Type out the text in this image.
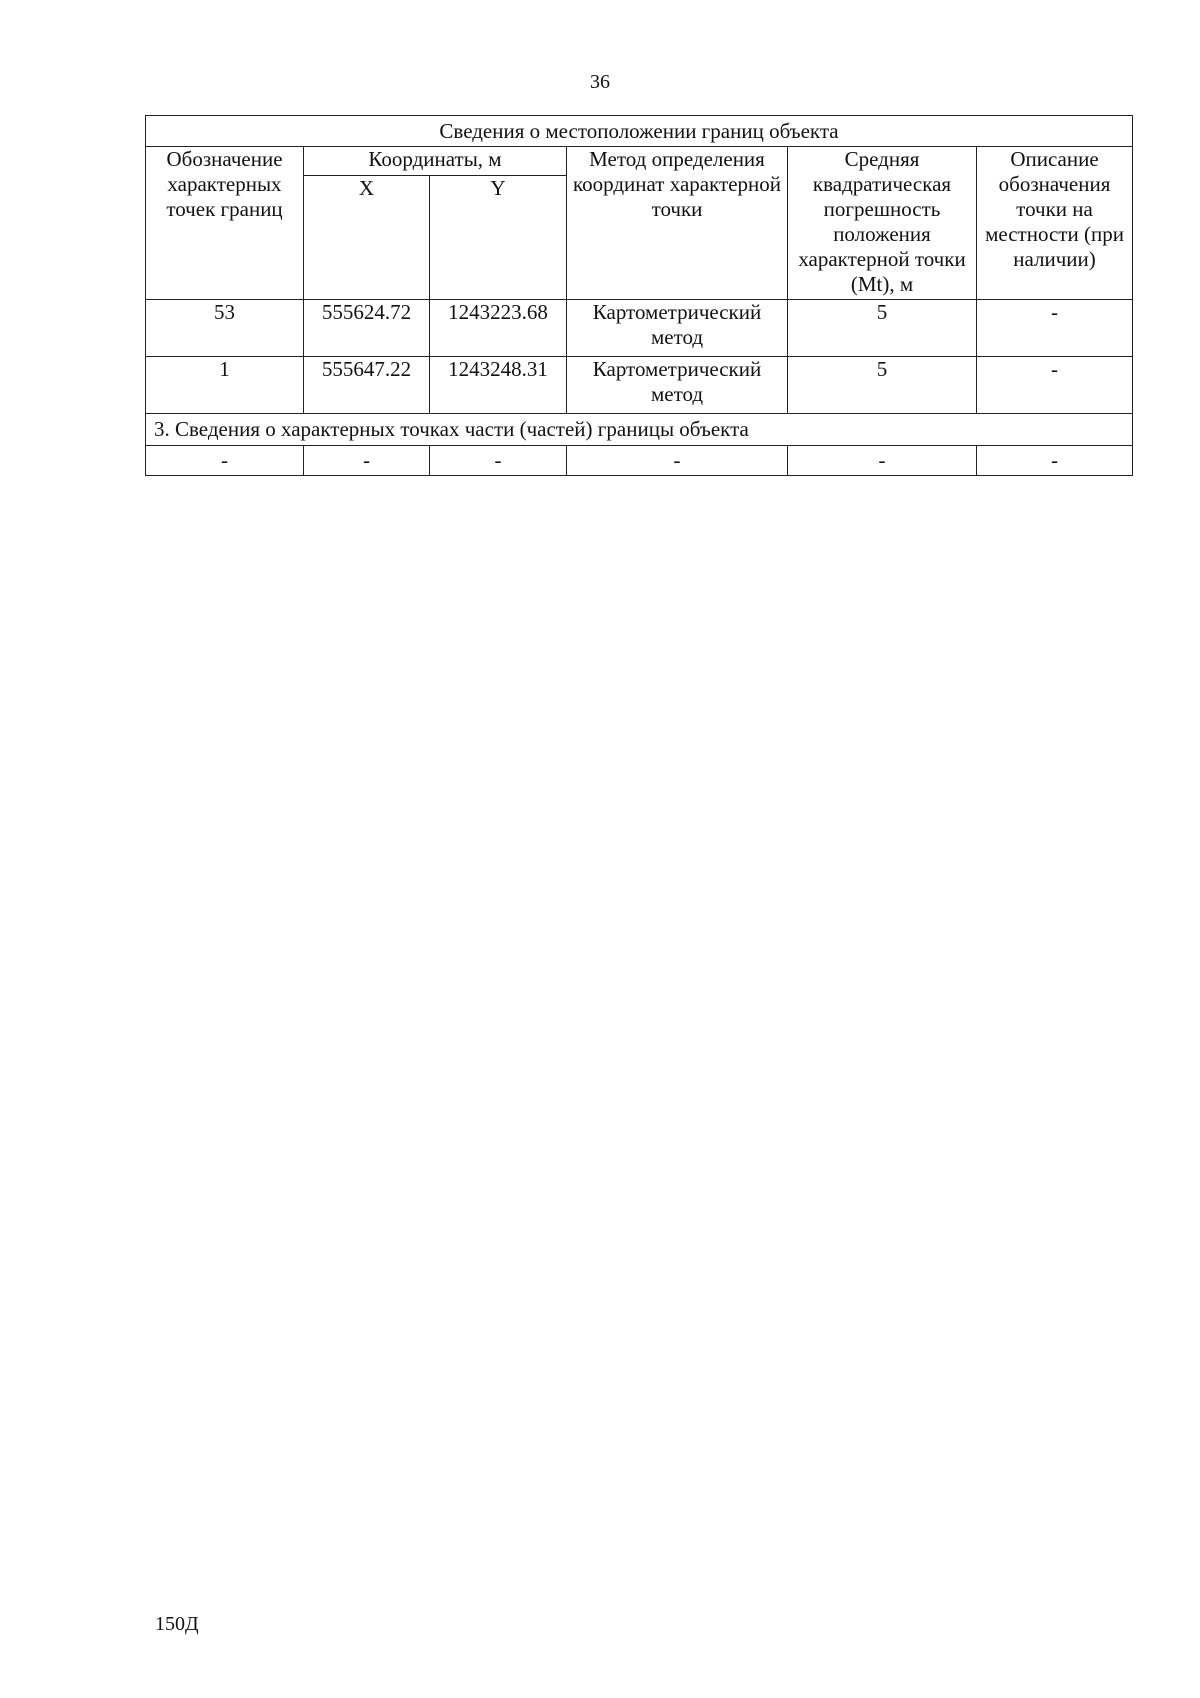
36
Сведения о местоположении границ объекта					
Обозначение характерных точек границ	Координаты, м		Метод определения координат характерной точки	Средняя квадратическая погрешность положения характерной точки (Mt), м	Описание обозначения точки на местности (при наличии)
	X	Y			
53	555624.72	1243223.68	Картометрический метод	5	-
1	555647.22	1243248.31	Картометрический метод	5	-
3. Сведения о характерных точках части (частей) границы объекта					
-	-	-	-	-	-
150Д
